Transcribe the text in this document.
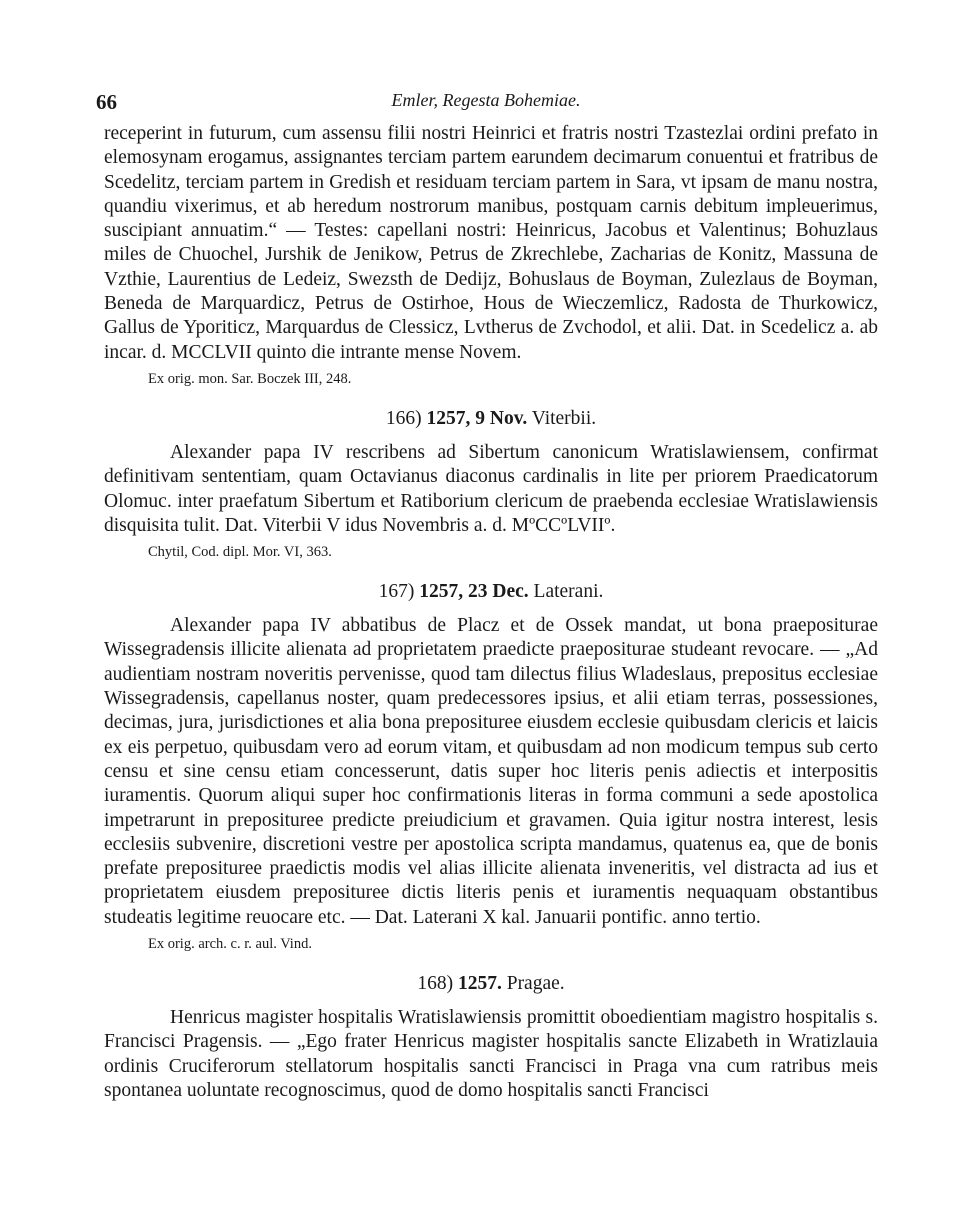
66	Emler, Regesta Bohemiae.

receperint in futurum, cum assensu filii nostri Heinrici et fratris nostri Tzastezlai ordini prefato in elemosynam erogamus, assignantes terciam partem earundem decimarum conuentui et fratribus de Scedelitz, terciam partem in Gredish et residuam terciam partem in Sara, vt ipsam de manu nostra, quandiu vixerimus, et ab heredum nostrorum manibus, postquam carnis debitum impleuerimus, suscipiant annuatim.“ — Testes: capellani nostri: Heinricus, Jacobus et Valentinus; Bohuzlaus miles de Chuochel, Jurshik de Jenikow, Petrus de Zkrechlebe, Zacharias de Konitz, Massuna de Vzthie, Laurentius de Ledeiz, Swezsth de Dedijz, Bohuslaus de Boyman, Zulezlaus de Boyman, Beneda de Marquardicz, Petrus de Ostirhoe, Hous de Wieczemlicz, Radosta de Thurkowicz, Gallus de Yporiticz, Marquardus de Clessicz, Lvtherus de Zvchodol, et alii. Dat. in Scedelicz a. ab incar. d. MCCLVII quinto die intrante mense Novem.

Ex orig. mon. Sar. Boczek III, 248.
166) 1257, 9 Nov. Viterbii.

Alexander papa IV rescribens ad Sibertum canonicum Wratislawiensem, confirmat definitivam sententiam, quam Octavianus diaconus cardinalis in lite per priorem Praedicatorum Olomuc. inter praefatum Sibertum et Ratiborium clericum de praebenda ecclesiae Wratislawiensis disquisita tulit. Dat. Viterbii V idus Novembris a. d. MºCCºLVIIº.

Chytil, Cod. dipl. Mor. VI, 363.
167) 1257, 23 Dec. Laterani.

Alexander papa IV abbatibus de Placz et de Ossek mandat, ut bona praepositurae Wissegradensis illicite alienata ad proprietatem praedicte praepositurae studeant revocare. — „Ad audientiam nostram noveritis pervenisse, quod tam dilectus filius Wladeslaus, prepositus ecclesiae Wissegradensis, capellanus noster, quam predecessores ipsius, et alii etiam terras, possessiones, decimas, jura, jurisdictiones et alia bona preposituree eiusdem ecclesie quibusdam clericis et laicis ex eis perpetuo, quibusdam vero ad eorum vitam, et quibusdam ad non modicum tempus sub certo censu et sine censu etiam concesserunt, datis super hoc literis penis adiectis et interpositis iuramentis. Quorum aliqui super hoc confirmationis literas in forma communi a sede apostolica impetrarunt in preposituree predicte preiudicium et gravamen. Quia igitur nostra interest, lesis ecclesiis subvenire, discretioni vestre per apostolica scripta mandamus, quatenus ea, que de bonis prefate preposituree praedictis modis vel alias illicite alienata inveneritis, vel distracta ad ius et proprietatem eiusdem preposituree dictis literis penis et iuramentis nequaquam obstantibus studeatis legitime reuocare etc. — Dat. Laterani X kal. Januarii pontific. anno tertio.

Ex orig. arch. c. r. aul. Vind.
168) 1257. Pragae.

Henricus magister hospitalis Wratislawiensis promittit oboedientiam magistro hospitalis s. Francisci Pragensis. — „Ego frater Henricus magister hospitalis sancte Elizabeth in Wratizlauia ordinis Cruciferorum stellatorum hospitalis sancti Francisci in Praga vna cum ratribus meis spontanea uoluntate recognoscimus, quod de domo hospitalis sancti Francisci
